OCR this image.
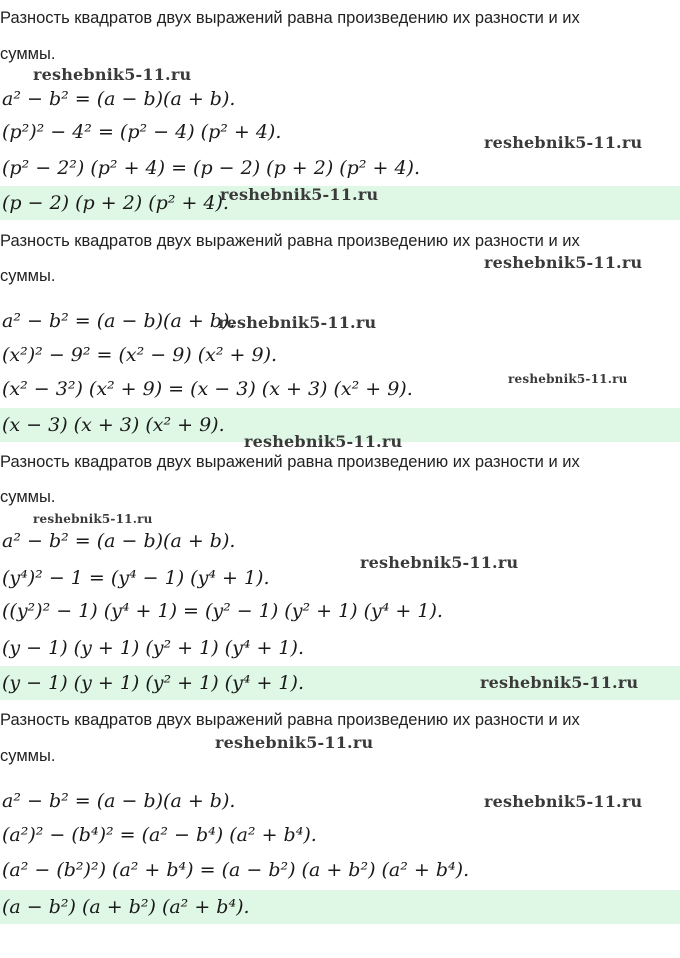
Разность квадратов двух выражений равна произведению их разности и их
суммы.
a² − b² = (a − b)(a + b).
(p²)² − 4² = (p² − 4) (p² + 4).
(p² − 2²) (p² + 4) = (p − 2) (p + 2) (p² + 4).
(p − 2) (p + 2) (p² + 4).
Разность квадратов двух выражений равна произведению их разности и их
суммы.
a² − b² = (a − b)(a + b).
(x²)² − 9² = (x² − 9) (x² + 9).
(x² − 3²) (x² + 9) = (x − 3) (x + 3) (x² + 9).
(x − 3) (x + 3) (x² + 9).
Разность квадратов двух выражений равна произведению их разности и их
суммы.
a² − b² = (a − b)(a + b).
(y⁴)² − 1 = (y⁴ − 1) (y⁴ + 1).
((y²)² − 1) (y⁴ + 1) = (y² − 1) (y² + 1) (y⁴ + 1).
(y − 1) (y + 1) (y² + 1) (y⁴ + 1).
(y − 1) (y + 1) (y² + 1) (y⁴ + 1).
Разность квадратов двух выражений равна произведению их разности и их
суммы.
a² − b² = (a − b)(a + b).
(a²)² − (b⁴)² = (a² − b⁴) (a² + b⁴).
(a² − (b²)²) (a² + b⁴) = (a − b²) (a + b²) (a² + b⁴).
(a − b²) (a + b²) (a² + b⁴).
reshebnik5-11.ru
reshebnik5-11.ru
reshebnik5-11.ru
reshebnik5-11.ru
reshebnik5-11.ru
reshebnik5-11.ru
reshebnik5-11.ru
reshebnik5-11.ru
reshebnik5-11.ru
reshebnik5-11.ru
reshebnik5-11.ru
reshebnik5-11.ru
